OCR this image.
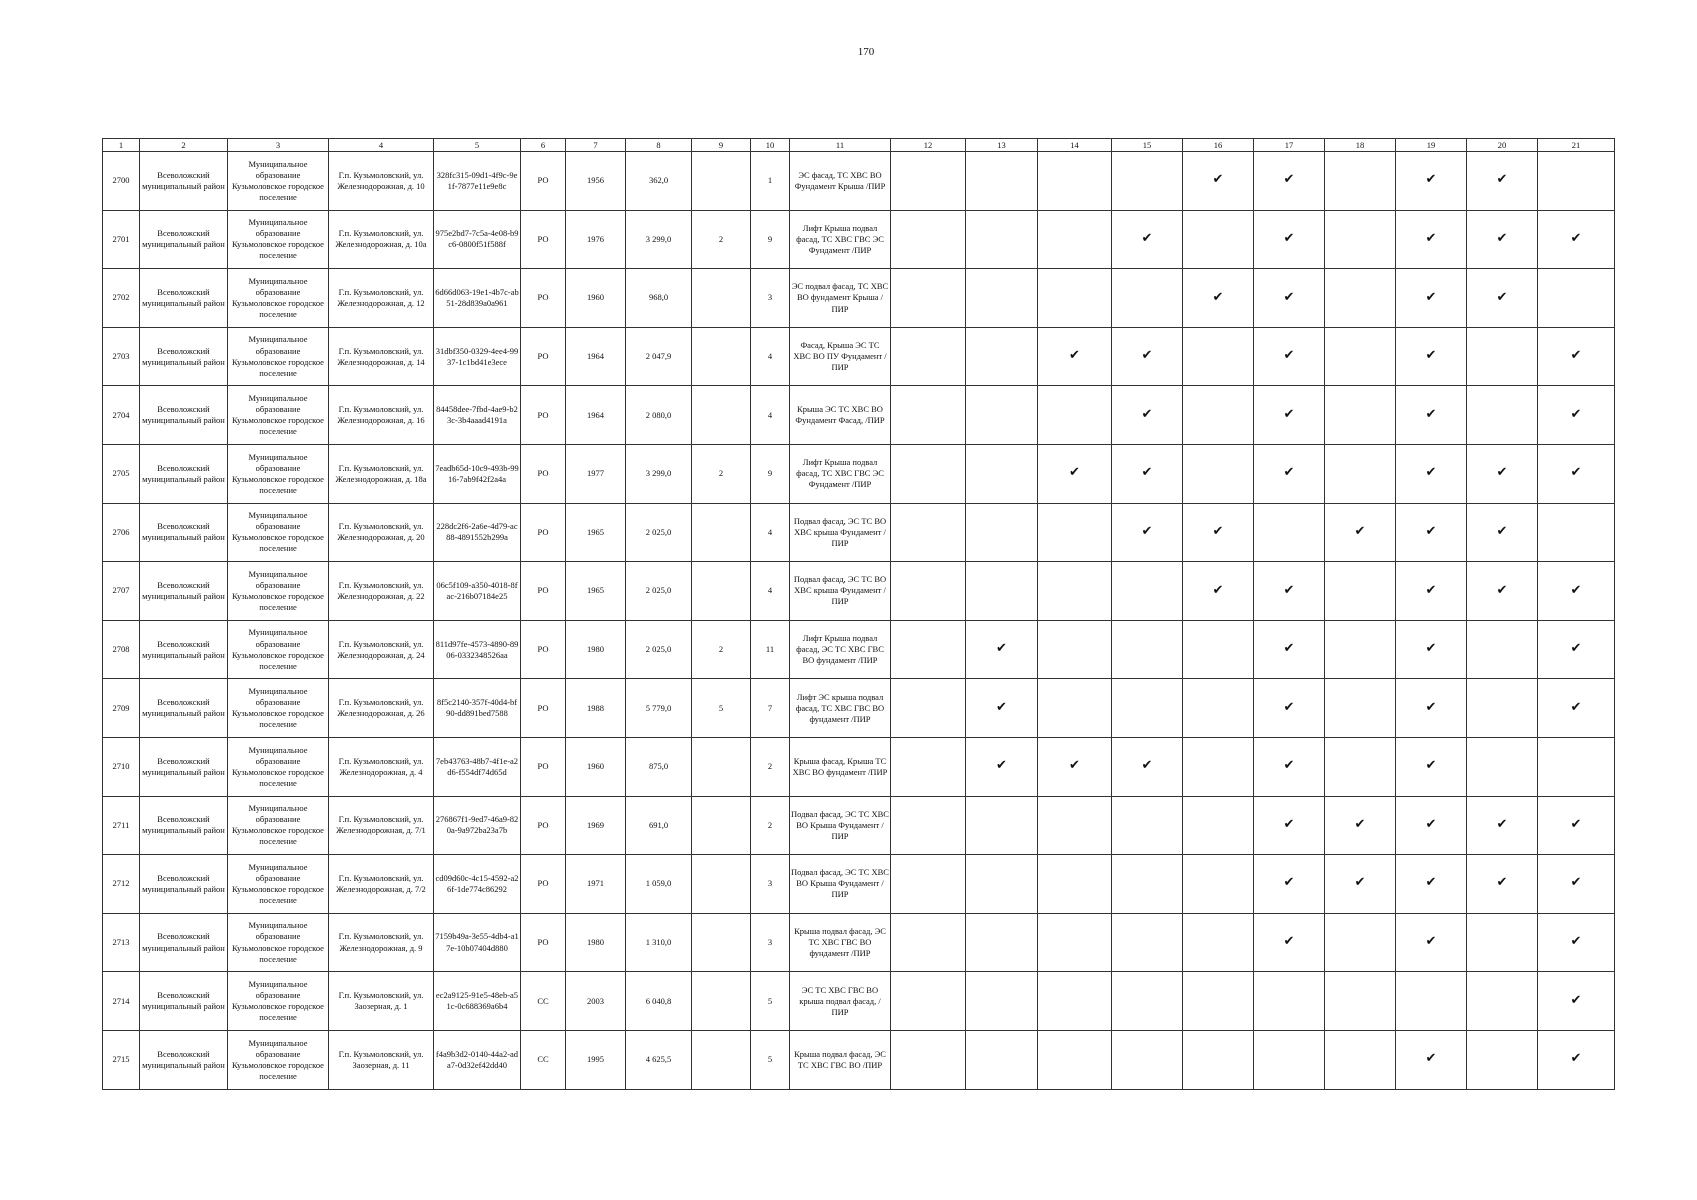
170
1	2	3	4	5	6	7	8	9	10	11	12	13	14	15	16	17	18	19	20	21
2700	Всеволожский муниципальный район	Муниципальное образование Кузьмоловское городское поселение	Г.п. Кузьмоловский, ул. Железнодорожная, д. 10	328fc315-09d1-4f9c-9e1f-7877e11e9e8c	РО	1956	362,0		1	ЭС фасад, ТС ХВС ВО Фундамент Крыша /ПИР					✔	✔		✔	✔	
2701	Всеволожский муниципальный район	Муниципальное образование Кузьмоловское городское поселение	Г.п. Кузьмоловский, ул. Железнодорожная, д. 10а	975e2bd7-7c5a-4e08-b9c6-0800f51f588f	РО	1976	3 299,0	2	9	Лифт Крыша подвал фасад, ТС ХВС ГВС ЭС Фундамент /ПИР				✔		✔		✔	✔	✔
2702	Всеволожский муниципальный район	Муниципальное образование Кузьмоловское городское поселение	Г.п. Кузьмоловский, ул. Железнодорожная, д. 12	6d66d063-19e1-4b7c-ab51-28d839a0a961	РО	1960	968,0		3	ЭС подвал фасад, ТС ХВС ВО фундамент Крыша /ПИР					✔	✔		✔	✔	
2703	Всеволожский муниципальный район	Муниципальное образование Кузьмоловское городское поселение	Г.п. Кузьмоловский, ул. Железнодорожная, д. 14	31dbf350-0329-4ee4-9937-1c1bd41e3ece	РО	1964	2 047,9		4	Фасад, Крыша ЭС ТС ХВС ВО ПУ Фундамент /ПИР			✔	✔		✔		✔		✔
2704	Всеволожский муниципальный район	Муниципальное образование Кузьмоловское городское поселение	Г.п. Кузьмоловский, ул. Железнодорожная, д. 16	84458dee-7fbd-4ae9-b23c-3b4aaad4191a	РО	1964	2 080,0		4	Крыша ЭС ТС ХВС ВО Фундамент Фасад, /ПИР				✔		✔		✔		✔
2705	Всеволожский муниципальный район	Муниципальное образование Кузьмоловское городское поселение	Г.п. Кузьмоловский, ул. Железнодорожная, д. 18а	7eadb65d-10c9-493b-9916-7ab9f42f2a4a	РО	1977	3 299,0	2	9	Лифт Крыша подвал фасад, ТС ХВС ГВС ЭС Фундамент /ПИР			✔	✔		✔		✔	✔	✔
2706	Всеволожский муниципальный район	Муниципальное образование Кузьмоловское городское поселение	Г.п. Кузьмоловский, ул. Железнодорожная, д. 20	228dc2f6-2a6e-4d79-ac88-4891552b299a	РО	1965	2 025,0		4	Подвал фасад, ЭС ТС ВО ХВС крыша Фундамент /ПИР				✔	✔		✔	✔	✔	
2707	Всеволожский муниципальный район	Муниципальное образование Кузьмоловское городское поселение	Г.п. Кузьмоловский, ул. Железнодорожная, д. 22	06c5f109-a350-4018-8fac-216b07184e25	РО	1965	2 025,0		4	Подвал фасад, ЭС ТС ВО ХВС крыша Фундамент /ПИР					✔	✔		✔	✔	✔
2708	Всеволожский муниципальный район	Муниципальное образование Кузьмоловское городское поселение	Г.п. Кузьмоловский, ул. Железнодорожная, д. 24	811d97fe-4573-4890-8906-0332348526aa	РО	1980	2 025,0	2	11	Лифт Крыша подвал фасад, ЭС ТС ХВС ГВС ВО фундамент /ПИР		✔				✔		✔		✔
2709	Всеволожский муниципальный район	Муниципальное образование Кузьмоловское городское поселение	Г.п. Кузьмоловский, ул. Железнодорожная, д. 26	8f5c2140-357f-40d4-bf90-dd891bed7588	РО	1988	5 779,0	5	7	Лифт ЭС крыша подвал фасад, ТС ХВС ГВС ВО фундамент /ПИР		✔				✔		✔		✔
2710	Всеволожский муниципальный район	Муниципальное образование Кузьмоловское городское поселение	Г.п. Кузьмоловский, ул. Железнодорожная, д. 4	7eb43763-48b7-4f1e-a2d6-f554df74d65d	РО	1960	875,0		2	Крыша фасад, Крыша ТС ХВС ВО фундамент /ПИР		✔	✔	✔		✔		✔		
2711	Всеволожский муниципальный район	Муниципальное образование Кузьмоловское городское поселение	Г.п. Кузьмоловский, ул. Железнодорожная, д. 7/1	276867f1-9ed7-46a9-820a-9a972ba23a7b	РО	1969	691,0		2	Подвал фасад, ЭС ТС ХВС ВО Крыша Фундамент /ПИР						✔	✔	✔	✔	✔
2712	Всеволожский муниципальный район	Муниципальное образование Кузьмоловское городское поселение	Г.п. Кузьмоловский, ул. Железнодорожная, д. 7/2	cd09d60c-4c15-4592-a26f-1de774c86292	РО	1971	1 059,0		3	Подвал фасад, ЭС ТС ХВС ВО Крыша Фундамент /ПИР						✔	✔	✔	✔	✔
2713	Всеволожский муниципальный район	Муниципальное образование Кузьмоловское городское поселение	Г.п. Кузьмоловский, ул. Железнодорожная, д. 9	7159b49a-3e55-4db4-a17e-10b07404d880	РО	1980	1 310,0		3	Крыша подвал фасад, ЭС ТС ХВС ГВС ВО фундамент /ПИР						✔		✔		✔
2714	Всеволожский муниципальный район	Муниципальное образование Кузьмоловское городское поселение	Г.п. Кузьмоловский, ул. Заозерная, д. 1	ec2a9125-91e5-48eb-a51c-0c688369a6b4	СС	2003	6 040,8		5	ЭС ТС ХВС ГВС ВО крыша подвал фасад, /ПИР										✔
2715	Всеволожский муниципальный район	Муниципальное образование Кузьмоловское городское поселение	Г.п. Кузьмоловский, ул. Заозерная, д. 11	f4a9b3d2-0140-44a2-ada7-0d32ef42dd40	СС	1995	4 625,5		5	Крыша подвал фасад, ЭС ТС ХВС ГВС ВО /ПИР								✔		✔
